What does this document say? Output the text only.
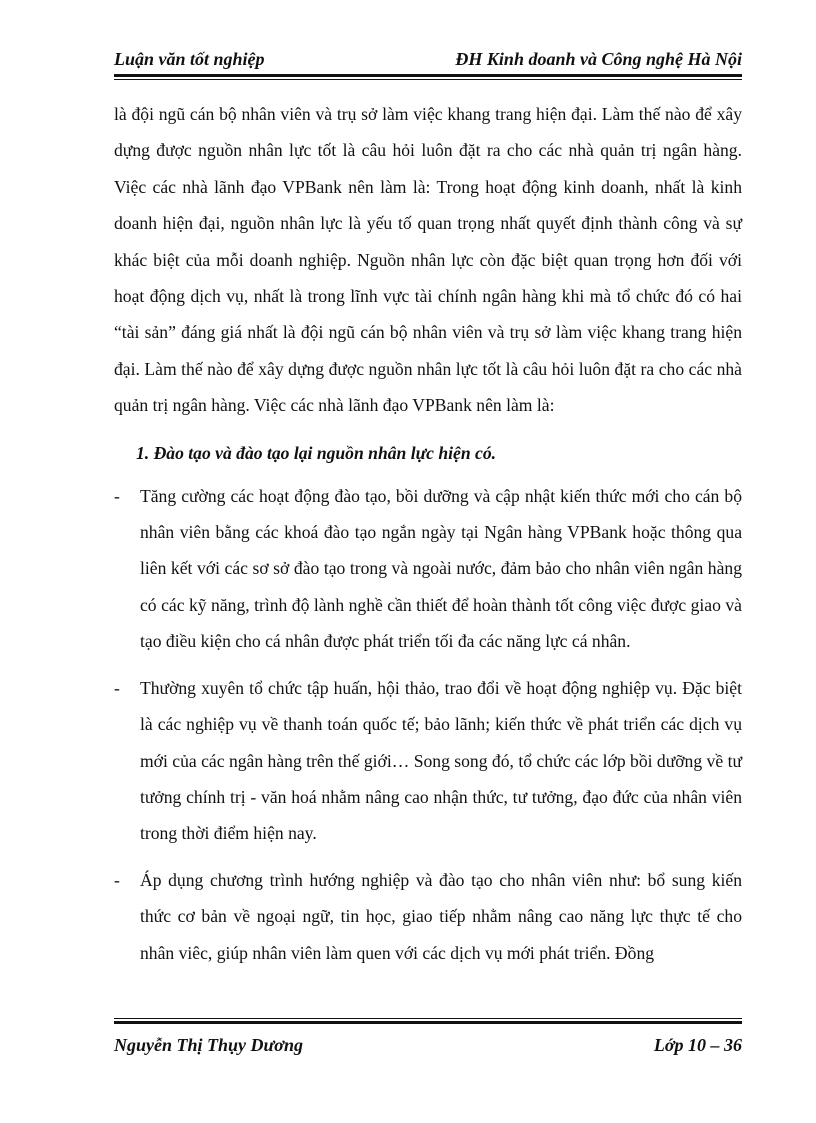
Luận văn tốt nghiệp	ĐH Kinh doanh và Công nghệ Hà Nội

là đội ngũ cán bộ nhân viên và trụ sở làm việc khang trang hiện đại. Làm thế nào để xây dựng được nguồn nhân lực tốt là câu hỏi luôn đặt ra cho các nhà quản trị ngân hàng. Việc các nhà lãnh đạo VPBank nên làm là: Trong hoạt động kinh doanh, nhất là kinh doanh hiện đại, nguồn nhân lực là yếu tố quan trọng nhất quyết định thành công và sự khác biệt của mỗi doanh nghiệp. Nguồn nhân lực còn đặc biệt quan trọng hơn đối với hoạt động dịch vụ, nhất là trong lĩnh vực tài chính ngân hàng khi mà tổ chức đó có hai “tài sản” đáng giá nhất là đội ngũ cán bộ nhân viên và trụ sở làm việc khang trang hiện đại. Làm thế nào để xây dựng được nguồn nhân lực tốt là câu hỏi luôn đặt ra cho các nhà quản trị ngân hàng. Việc các nhà lãnh đạo VPBank nên làm là:

1. Đào tạo và đào tạo lại nguồn nhân lực hiện có.
-	Tăng cường các hoạt động đào tạo, bồi dưỡng và cập nhật kiến thức mới cho cán bộ nhân viên bằng các khoá đào tạo ngắn ngày tại Ngân hàng VPBank hoặc thông qua liên kết với các sơ sở đào tạo trong và ngoài nước, đảm bảo cho nhân viên ngân hàng có các kỹ năng, trình độ lành nghề cần thiết để hoàn thành tốt công việc được giao và tạo điều kiện cho cá nhân được phát triển tối đa các năng lực cá nhân.

-	Thường xuyên tổ chức tập huấn, hội thảo, trao đổi về hoạt động nghiệp vụ. Đặc biệt là các nghiệp vụ về thanh toán quốc tế; bảo lãnh; kiến thức về phát triển các dịch vụ mới của các ngân hàng trên thế giới… Song song đó, tổ chức các lớp bồi dưỡng về tư tưởng chính trị - văn hoá nhằm nâng cao nhận thức, tư tưởng, đạo đức của nhân viên trong thời điểm hiện nay.

-	Áp dụng chương trình hướng nghiệp và đào tạo cho nhân viên như: bổ sung kiến thức cơ bản về ngoại ngữ, tin học, giao tiếp nhằm nâng cao năng lực thực tế cho nhân viêc, giúp nhân viên làm quen với các dịch vụ mới phát triển. Đồng

Nguyễn Thị Thụy Dương	Lớp 10 – 36
